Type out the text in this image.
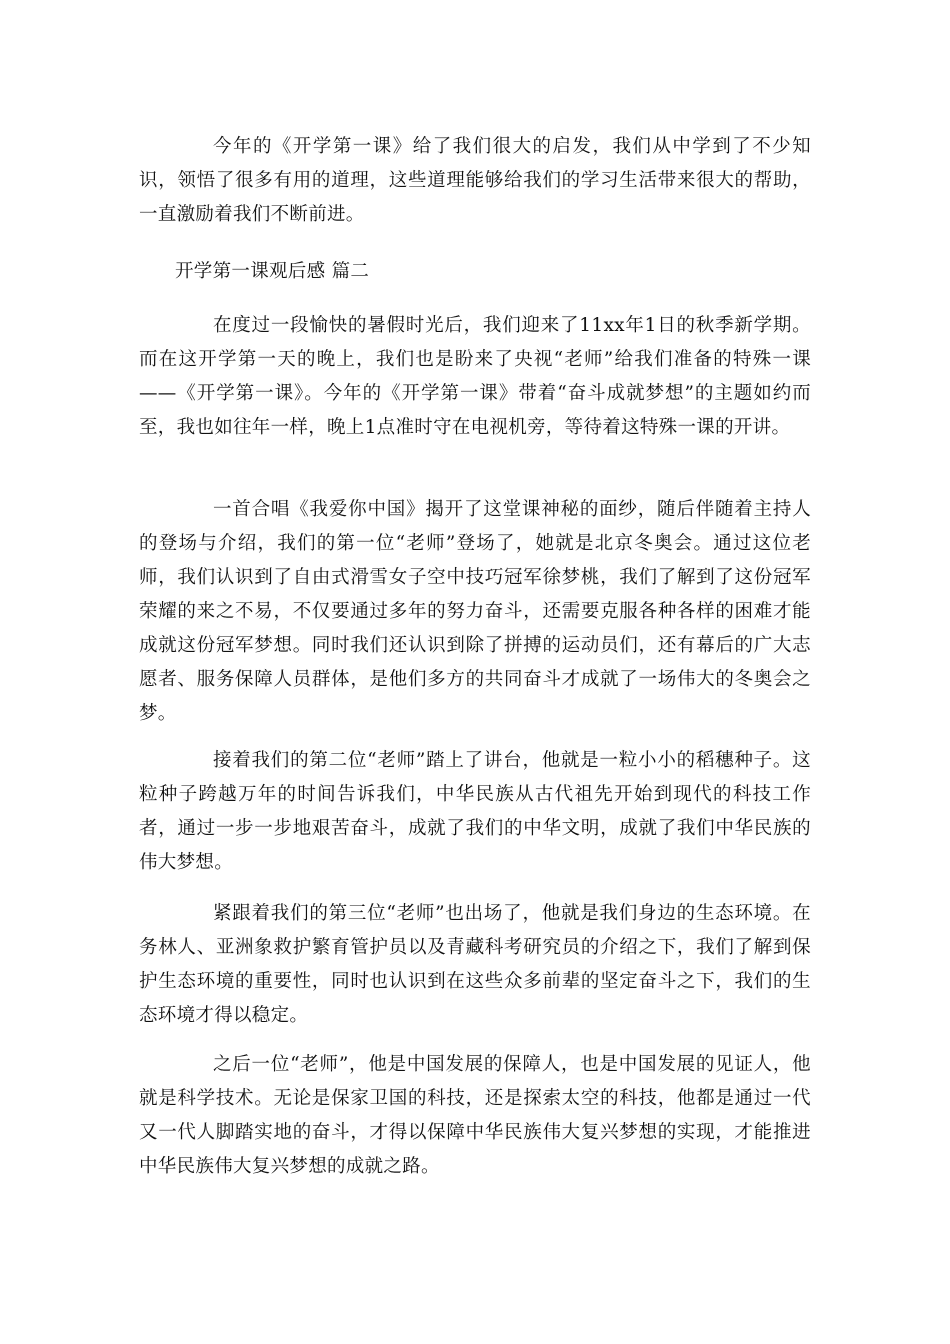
今年的《开学第一课》给了我们很大的启发，我们从中学到了不少知识，领悟了很多有用的道理，这些道理能够给我们的学习生活带来很大的帮助，一直激励着我们不断前进。

开学第一课观后感 篇二

在度过一段愉快的暑假时光后，我们迎来了11xx年1日的秋季新学期。而在这开学第一天的晚上，我们也是盼来了央视“老师”给我们准备的特殊一课——《开学第一课》。今年的《开学第一课》带着“奋斗成就梦想”的主题如约而至，我也如往年一样，晚上1点准时守在电视机旁，等待着这特殊一课的开讲。

一首合唱《我爱你中国》揭开了这堂课神秘的面纱，随后伴随着主持人的登场与介绍，我们的第一位“老师”登场了，她就是北京冬奥会。通过这位老师，我们认识到了自由式滑雪女子空中技巧冠军徐梦桃，我们了解到了这份冠军荣耀的来之不易，不仅要通过多年的努力奋斗，还需要克服各种各样的困难才能成就这份冠军梦想。同时我们还认识到除了拼搏的运动员们，还有幕后的广大志愿者、服务保障人员群体，是他们多方的共同奋斗才成就了一场伟大的冬奥会之梦。

接着我们的第二位“老师”踏上了讲台，他就是一粒小小的稻穗种子。这粒种子跨越万年的时间告诉我们，中华民族从古代祖先开始到现代的科技工作者，通过一步一步地艰苦奋斗，成就了我们的中华文明，成就了我们中华民族的伟大梦想。

紧跟着我们的第三位“老师”也出场了，他就是我们身边的生态环境。在务林人、亚洲象救护繁育管护员以及青藏科考研究员的介绍之下，我们了解到保护生态环境的重要性，同时也认识到在这些众多前辈的坚定奋斗之下，我们的生态环境才得以稳定。

之后一位“老师”，他是中国发展的保障人，也是中国发展的见证人，他就是科学技术。无论是保家卫国的科技，还是探索太空的科技，他都是通过一代又一代人脚踏实地的奋斗，才得以保障中华民族伟大复兴梦想的实现，才能推进中华民族伟大复兴梦想的成就之路。
